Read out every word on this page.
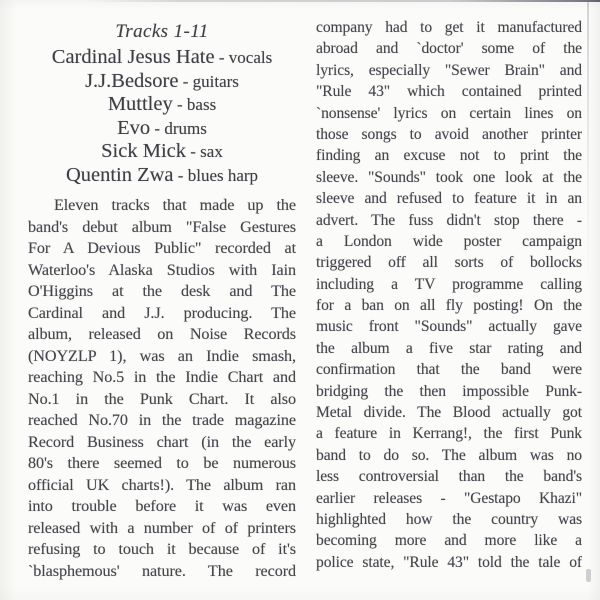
Tracks 1-11
Cardinal Jesus Hate - vocals
J.J.Bedsore - guitars
Muttley - bass
Evo - drums
Sick Mick - sax
Quentin Zwa - blues harp
Eleven tracks that made up the
band's debut album "False Gestures
For A Devious Public" recorded at
Waterloo's Alaska Studios with Iain
O'Higgins at the desk and The
Cardinal and J.J. producing. The
album, released on Noise Records
(NOYZLP 1), was an Indie smash,
reaching No.5 in the Indie Chart and
No.1 in the Punk Chart. It also
reached No.70 in the trade magazine
Record Business chart (in the early
80's there seemed to be numerous
official UK charts!). The album ran
into trouble before it was even
released with a number of of printers
refusing to touch it because of it's
`blasphemous' nature. The record
company had to get it manufactured
abroad and `doctor' some of the
lyrics, especially "Sewer Brain" and
"Rule 43" which contained printed
`nonsense' lyrics on certain lines on
those songs to avoid another printer
finding an excuse not to print the
sleeve. "Sounds" took one look at the
sleeve and refused to feature it in an
advert. The fuss didn't stop there -
a London wide poster campaign
triggered off all sorts of bollocks
including a TV programme calling
for a ban on all fly posting! On the
music front "Sounds" actually gave
the album a five star rating and
confirmation that the band were
bridging the then impossible Punk-
Metal divide. The Blood actually got
a feature in Kerrang!, the first Punk
band to do so. The album was no
less controversial than the band's
earlier releases - "Gestapo Khazi"
highlighted how the country was
becoming more and more like a
police state, "Rule 43" told the tale of
